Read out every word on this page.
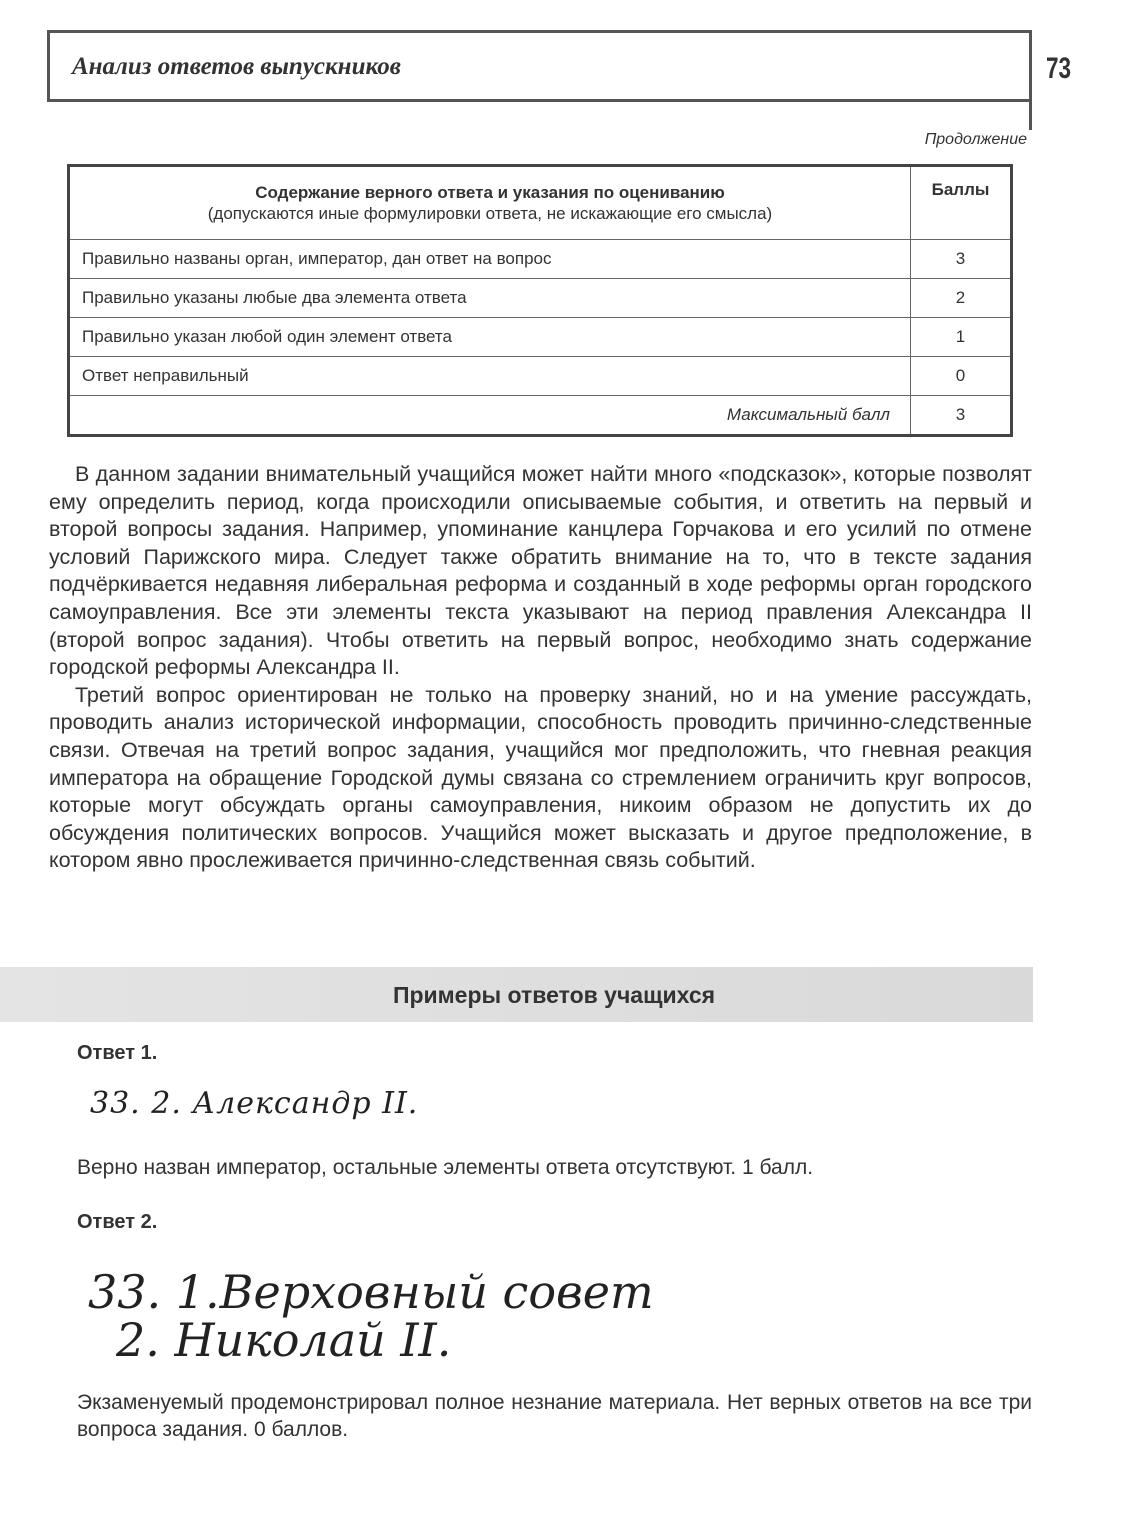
Анализ ответов выпускников	73
Продолжение
Содержание верного ответа и указания по оцениванию
(допускаются иные формулировки ответа, не искажающие его смысла)	Баллы
Правильно названы орган, император, дан ответ на вопрос	3
Правильно указаны любые два элемента ответа	2
Правильно указан любой один элемент ответа	1
Ответ неправильный	0
Максимальный балл	3

В данном задании внимательный учащийся может найти много «подсказок», которые позволят ему определить период, когда происходили описываемые события, и ответить на первый и второй вопросы задания. Например, упоминание канцлера Горчакова и его усилий по отмене условий Парижского мира. Следует также обратить внимание на то, что в тексте задания подчёркивается недавняя либеральная реформа и созданный в ходе реформы орган городского самоуправления. Все эти элементы текста указывают на период правления Александра II (второй вопрос задания). Чтобы ответить на первый вопрос, необходимо знать содержание городской реформы Александра II.

Третий вопрос ориентирован не только на проверку знаний, но и на умение рассуждать, проводить анализ исторической информации, способность проводить причинно-следственные связи. Отвечая на третий вопрос задания, учащийся мог предположить, что гневная реакция императора на обращение Городской думы связана со стремлением ограничить круг вопросов, которые могут обсуждать органы самоуправления, никоим образом не допустить их до обсуждения политических вопросов. Учащийся может высказать и другое предположение, в котором явно прослеживается причинно-следственная связь событий.

Примеры ответов учащихся
Ответ 1.
33. 2. Александр II.
Верно назван император, остальные элементы ответа отсутствуют. 1 балл.
Ответ 2.
33. 1.Верховный совет
2. Николай II.
Экзаменуемый продемонстрировал полное незнание материала. Нет верных ответов на все три вопроса задания. 0 баллов.
